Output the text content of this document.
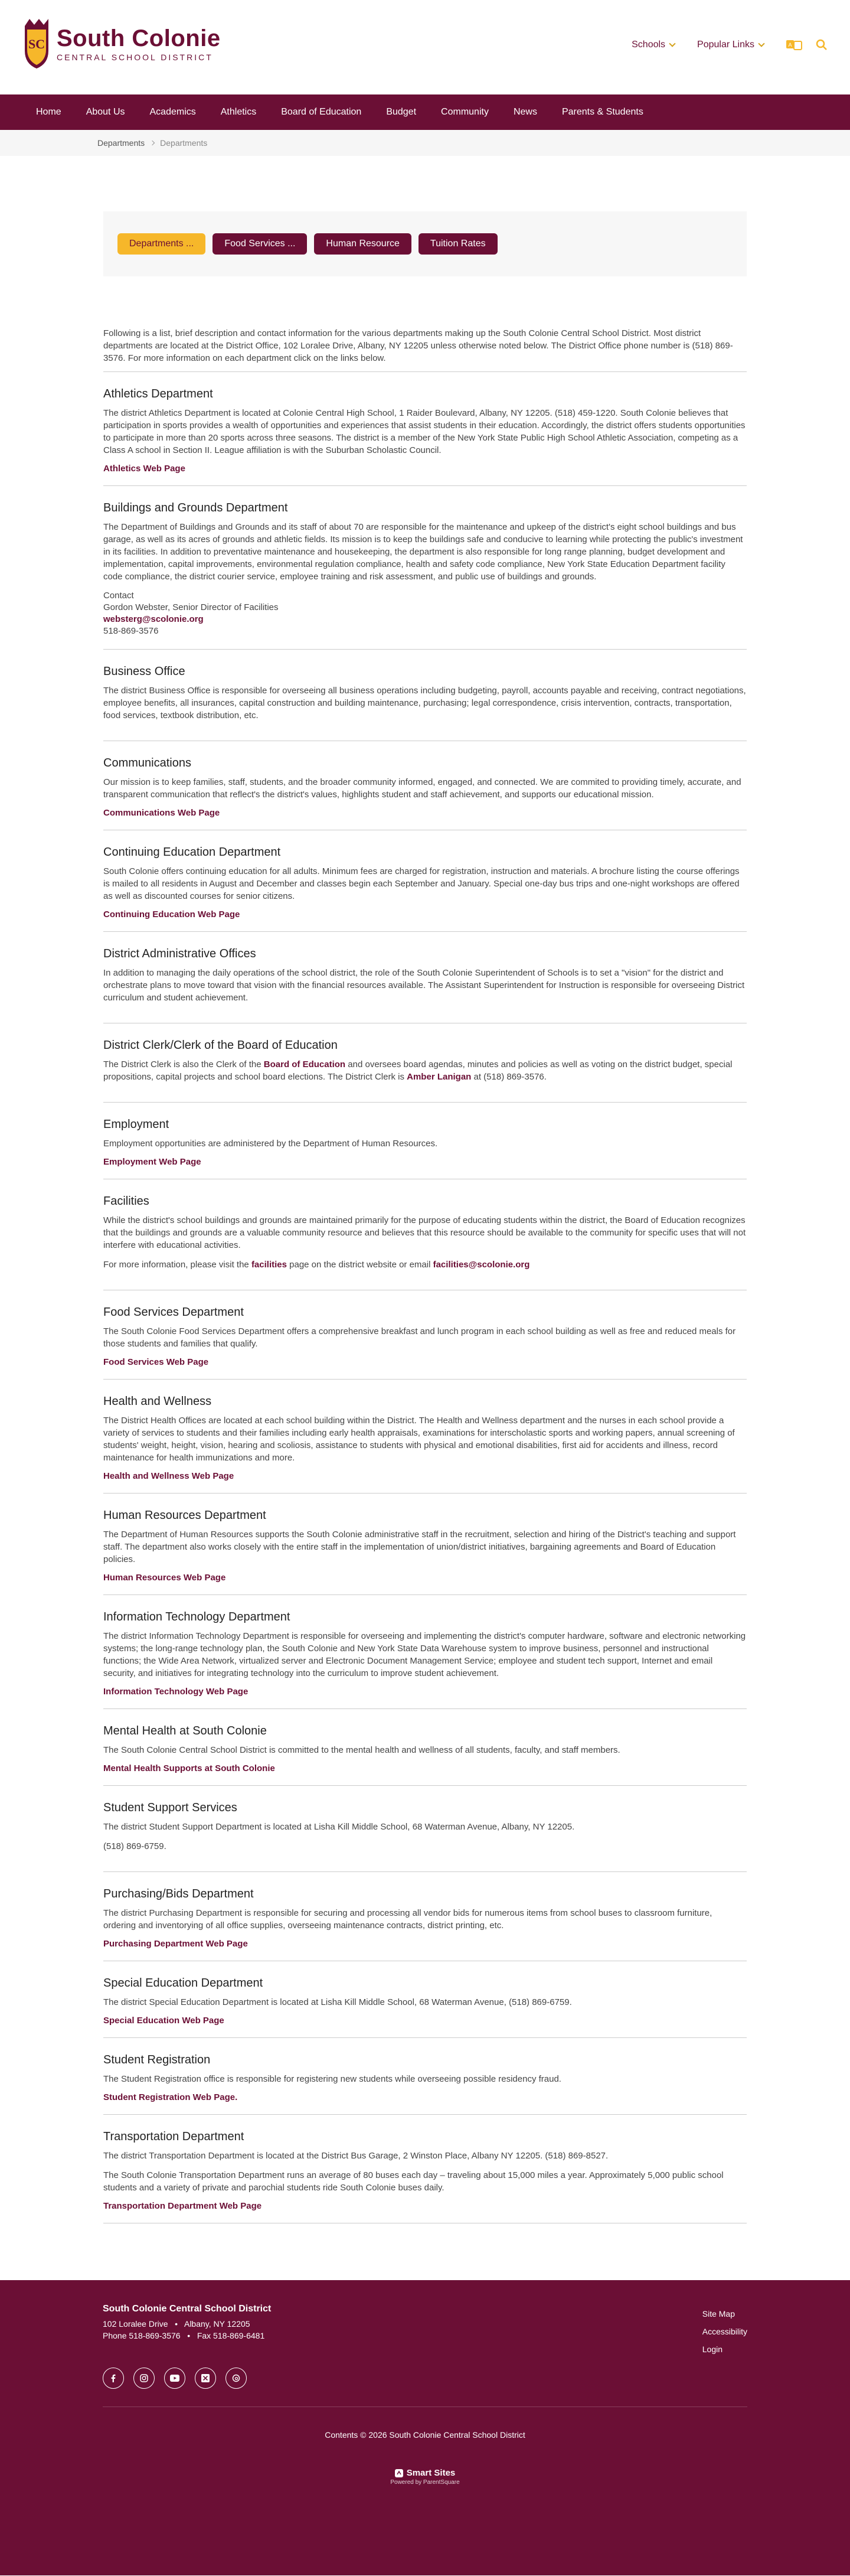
SC South Colonie
CENTRAL SCHOOL DISTRICT
Schools	Popular Links	A
Home	About Us	Academics	Athletics	Board of Education	Budget	Community	News	Parents & Students
Departments Departments
Departments ...	Food Services ...	Human Resource	Tuition Rates

Following is a list, brief description and contact information for the various departments making up the South Colonie Central School District. Most district departments are located at the District Office, 102 Loralee Drive, Albany, NY 12205 unless otherwise noted below. The District Office phone number is (518) 869-3576. For more information on each department click on the links below.

Athletics Department

The district Athletics Department is located at Colonie Central High School, 1 Raider Boulevard, Albany, NY 12205. (518) 459-1220. South Colonie believes that participation in sports provides a wealth of opportunities and experiences that assist students in their education. Accordingly, the district offers students opportunities to participate in more than 20 sports across three seasons. The district is a member of the New York State Public High School Athletic Association, competing as a Class A school in Section II. League affiliation is with the Suburban Scholastic Council.

Athletics Web Page
Buildings and Grounds Department

The Department of Buildings and Grounds and its staff of about 70 are responsible for the maintenance and upkeep of the district's eight school buildings and bus garage, as well as its acres of grounds and athletic fields. Its mission is to keep the buildings safe and conducive to learning while protecting the public's investment in its facilities. In addition to preventative maintenance and housekeeping, the department is also responsible for long range planning, budget development and implementation, capital improvements, environmental regulation compliance, health and safety code compliance, New York State Education Department facility code compliance, the district courier service, employee training and risk assessment, and public use of buildings and grounds.

Contact
Gordon Webster, Senior Director of Facilities
websterg@scolonie.org
518-869-3576
Business Office

The district Business Office is responsible for overseeing all business operations including budgeting, payroll, accounts payable and receiving, contract negotiations, employee benefits, all insurances, capital construction and building maintenance, purchasing; legal correspondence, crisis intervention, contracts, transportation, food services, textbook distribution, etc.

Communications

Our mission is to keep families, staff, students, and the broader community informed, engaged, and connected. We are commited to providing timely, accurate, and transparent communication that reflect's the district's values, highlights student and staff achievement, and supports our educational mission.

Communications Web Page
Continuing Education Department

South Colonie offers continuing education for all adults. Minimum fees are charged for registration, instruction and materials. A brochure listing the course offerings is mailed to all residents in August and December and classes begin each September and January. Special one-day bus trips and one-night workshops are offered as well as discounted courses for senior citizens.

Continuing Education Web Page
District Administrative Offices

In addition to managing the daily operations of the school district, the role of the South Colonie Superintendent of Schools is to set a "vision" for the district and orchestrate plans to move toward that vision with the financial resources available. The Assistant Superintendent for Instruction is responsible for overseeing District curriculum and student achievement.

District Clerk/Clerk of the Board of Education

The District Clerk is also the Clerk of the Board of Education and oversees board agendas, minutes and policies as well as voting on the district budget, special propositions, capital projects and school board elections. The District Clerk is Amber Lanigan at (518) 869-3576.

Employment

Employment opportunities are administered by the Department of Human Resources.

Employment Web Page
Facilities

While the district's school buildings and grounds are maintained primarily for the purpose of educating students within the district, the Board of Education recognizes that the buildings and grounds are a valuable community resource and believes that this resource should be available to the community for specific uses that will not interfere with educational activities.

For more information, please visit the facilities page on the district website or email facilities@scolonie.org

Food Services Department

The South Colonie Food Services Department offers a comprehensive breakfast and lunch program in each school building as well as free and reduced meals for those students and families that qualify.

Food Services Web Page
Health and Wellness

The District Health Offices are located at each school building within the District. The Health and Wellness department and the nurses in each school provide a variety of services to students and their families including early health appraisals, examinations for interscholastic sports and working papers, annual screening of students' weight, height, vision, hearing and scoliosis, assistance to students with physical and emotional disabilities, first aid for accidents and illness, record maintenance for health immunizations and more.

Health and Wellness Web Page
Human Resources Department

The Department of Human Resources supports the South Colonie administrative staff in the recruitment, selection and hiring of the District's teaching and support staff. The department also works closely with the entire staff in the implementation of union/district initiatives, bargaining agreements and Board of Education policies.

Human Resources Web Page
Information Technology Department

The district Information Technology Department is responsible for overseeing and implementing the district's computer hardware, software and electronic networking systems; the long-range technology plan, the South Colonie and New York State Data Warehouse system to improve business, personnel and instructional functions; the Wide Area Network, virtualized server and Electronic Document Management Service; employee and student tech support, Internet and email security, and initiatives for integrating technology into the curriculum to improve student achievement.

Information Technology Web Page
Mental Health at South Colonie

The South Colonie Central School District is committed to the mental health and wellness of all students, faculty, and staff members.

Mental Health Supports at South Colonie
Student Support Services

The district Student Support Department is located at Lisha Kill Middle School, 68 Waterman Avenue, Albany, NY 12205.

(518) 869-6759.

Purchasing/Bids Department

The district Purchasing Department is responsible for securing and processing all vendor bids for numerous items from school buses to classroom furniture, ordering and inventorying of all office supplies, overseeing maintenance contracts, district printing, etc.

Purchasing Department Web Page
Special Education Department

The district Special Education Department is located at Lisha Kill Middle School, 68 Waterman Avenue, (518) 869-6759.

Special Education Web Page
Student Registration

The Student Registration office is responsible for registering new students while overseeing possible residency fraud.

Student Registration Web Page.
Transportation Department

The district Transportation Department is located at the District Bus Garage, 2 Winston Place, Albany NY 12205. (518) 869-8527.

The South Colonie Transportation Department runs an average of 80 buses each day – traveling about 15,000 miles a year. Approximately 5,000 public school students and a variety of private and parochial students ride South Colonie buses daily.

Transportation Department Web Page
South Colonie Central School District
102 Loralee Drive   •   Albany, NY 12205
Phone 518-869-3576   •   Fax 518-869-6481
Site Map
Accessibility
Login
Contents © 2026 South Colonie Central School District
Smart Sites
Powered by ParentSquare
